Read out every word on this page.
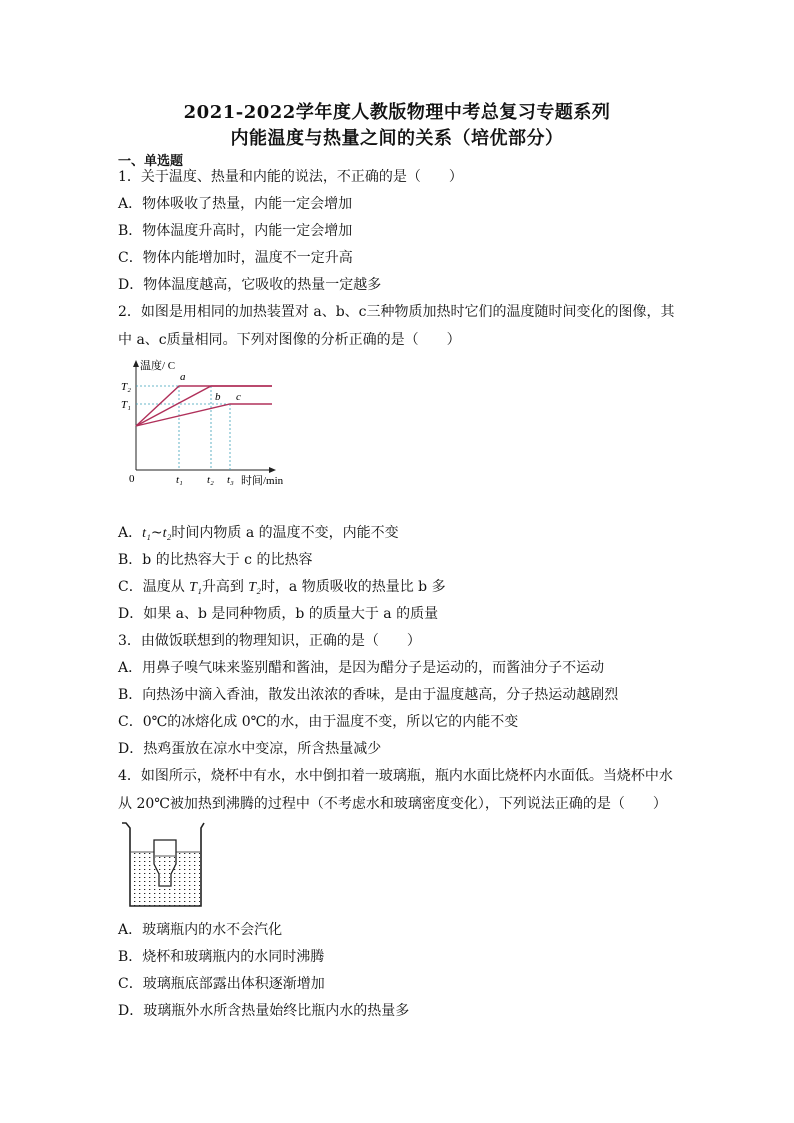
2021-2022学年度人教版物理中考总复习专题系列
内能温度与热量之间的关系（培优部分）
一、单选题
1．关于温度、热量和内能的说法，不正确的是（　　）
A．物体吸收了热量，内能一定会增加
B．物体温度升高时，内能一定会增加
C．物体内能增加时，温度不一定升高
D．物体温度越高，它吸收的热量一定越多
2．如图是用相同的加热装置对 a、b、c三种物质加热时它们的温度随时间变化的图像，其
中 a、c质量相同。下列对图像的分析正确的是（　　）
温度/ C
时间/min
0
T₂
T₁
t₁ t₂ t₃
a
b c
A．t₁~t₂时间内物质 a 的温度不变，内能不变
B．b 的比热容大于 c 的比热容
C．温度从 T₁升高到 T₂时，a 物质吸收的热量比 b 多
D．如果 a、b 是同种物质，b 的质量大于 a 的质量
3．由做饭联想到的物理知识，正确的是（　　）
A．用鼻子嗅气味来鉴别醋和酱油，是因为醋分子是运动的，而酱油分子不运动
B．向热汤中滴入香油，散发出浓浓的香味，是由于温度越高，分子热运动越剧烈
C．0℃的冰熔化成 0℃的水，由于温度不变，所以它的内能不变
D．热鸡蛋放在凉水中变凉，所含热量减少
4．如图所示，烧杯中有水，水中倒扣着一玻璃瓶，瓶内水面比烧杯内水面低。当烧杯中水
从 20℃被加热到沸腾的过程中（不考虑水和玻璃密度变化），下列说法正确的是（　　）
A．玻璃瓶内的水不会汽化
B．烧杯和玻璃瓶内的水同时沸腾
C．玻璃瓶底部露出体积逐渐增加
D．玻璃瓶外水所含热量始终比瓶内水的热量多
